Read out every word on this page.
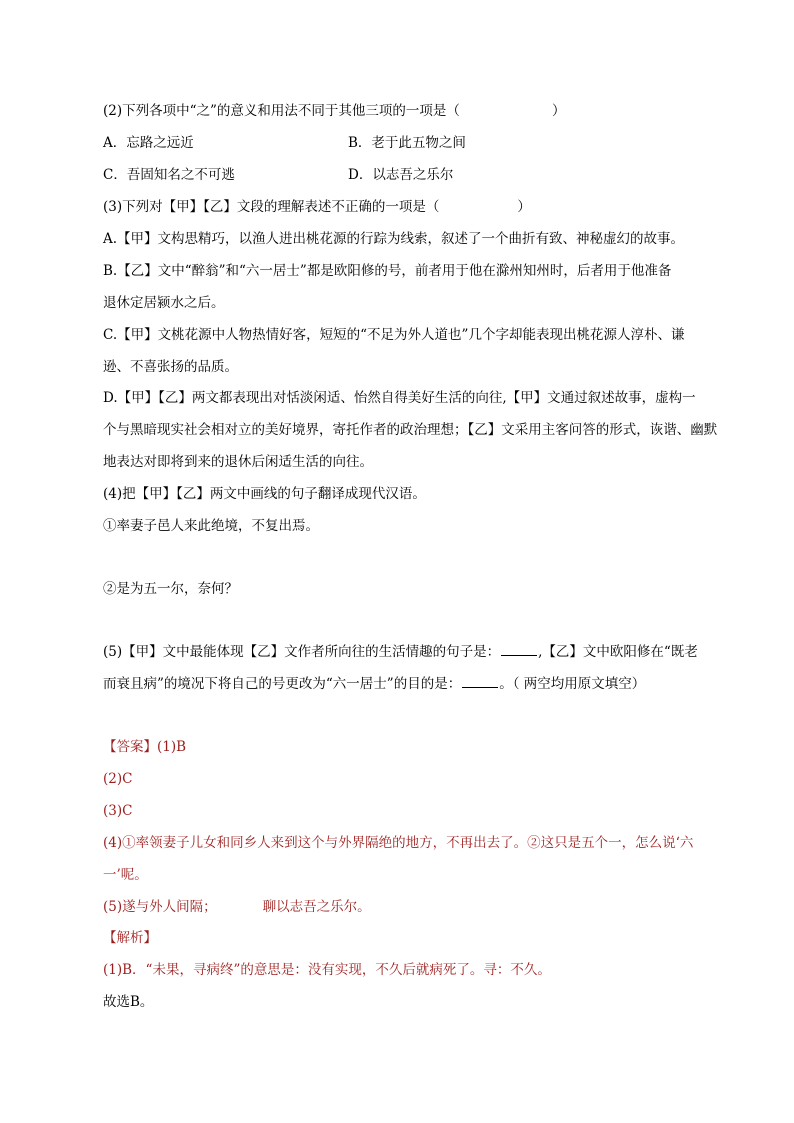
(2)下列各项中“之”的意义和用法不同于其他三项的一项是（	）
A．忘路之远近	B．老于此五物之间
C．吾固知名之不可逃	D．以志吾之乐尔
(3)下列对【甲】【乙】文段的理解表述不正确的一项是（	）
A.【甲】文构思精巧，以渔人进出桃花源的行踪为线索，叙述了一个曲折有致、神秘虚幻的故事。
B.【乙】文中“醉翁”和“六一居士”都是欧阳修的号，前者用于他在滁州知州时，后者用于他准备
退休定居颍水之后。
C.【甲】文桃花源中人物热情好客，短短的“不足为外人道也”几个字却能表现出桃花源人淳朴、谦
逊、不喜张扬的品质。
D.【甲】【乙】两文都表现出对恬淡闲适、怡然自得美好生活的向往,【甲】文通过叙述故事，虚构一
个与黑暗现实社会相对立的美好境界，寄托作者的政治理想；【乙】文采用主客问答的形式，诙谐、幽默
地表达对即将到来的退休后闲适生活的向往。
(4)把【甲】【乙】两文中画线的句子翻译成现代汉语。
①率妻子邑人来此绝境，不复出焉。
②是为五一尔，奈何？
(5)【甲】文中最能体现【乙】文作者所向往的生活情趣的句子是：	,【乙】文中欧阳修在“既老
而衰且病”的境况下将自己的号更改为“六一居士”的目的是：	。（ 两空均用原文填空）
【答案】(1)B
(2)C
(3)C
(4)①率领妻子儿女和同乡人来到这个与外界隔绝的地方，不再出去了。②这只是五个一，怎么说‘六
一’呢。
(5)遂与外人间隔；	聊以志吾之乐尔。
【解析】
(1)B．“未果，寻病终”的意思是：没有实现，不久后就病死了。寻：不久。
故选B。
